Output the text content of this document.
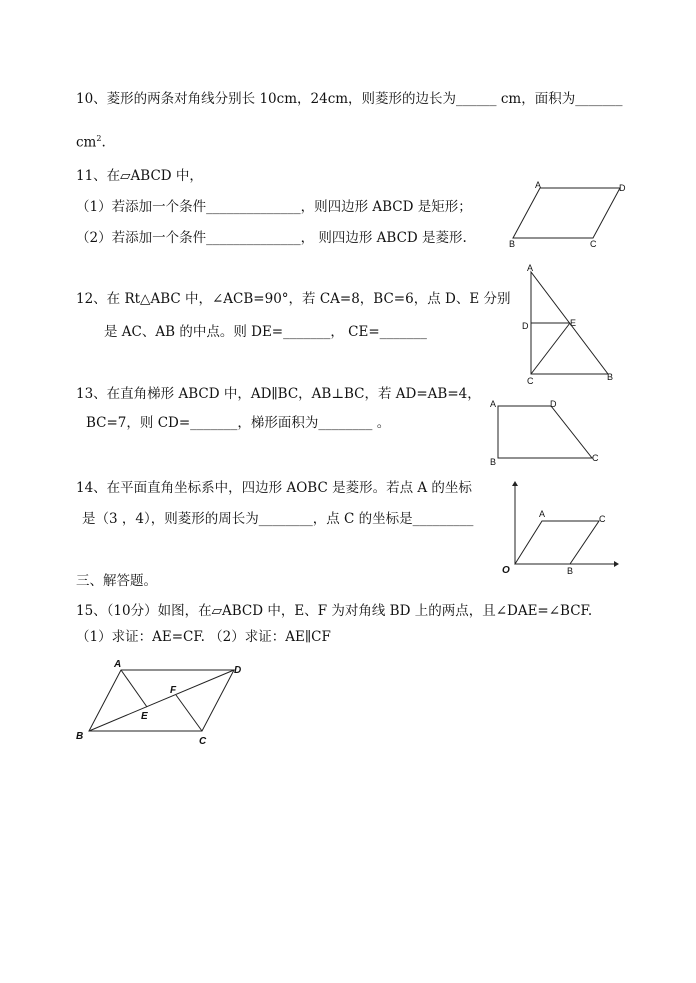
10、菱形的两条对角线分别长 10cm，24cm，则菱形的边长为______ cm，面积为_______
$cm^2$.
11、在▱ABCD 中，
（1）若添加一个条件______________，则四边形 ABCD 是矩形；
（2）若添加一个条件______________， 则四边形 ABCD 是菱形.
A	D
B	C
12、在 Rt△ABC 中，∠ACB=90°，若 CA=8，BC=6，点 D、E 分别
是 AC、AB 的中点。则 DE=_______， CE=_______
A
D	E
C	B
13、在直角梯形 ABCD 中，AD∥BC，AB⊥BC，若 AD=AB=4，
BC=7，则 CD=_______，梯形面积为________ 。
A	D
B	C
14、在平面直角坐标系中，四边形 AOBC 是菱形。若点 A 的坐标
是（3 ，4），则菱形的周长为________，点 C 的坐标是_________
O
A	C
B
三、解答题。
15、（10分）如图，在▱ABCD 中，E、F 为对角线 BD 上的两点，且∠DAE=∠BCF.
（1）求证：AE=CF. （2）求证：AE∥CF
A
D
B	C
E
F
